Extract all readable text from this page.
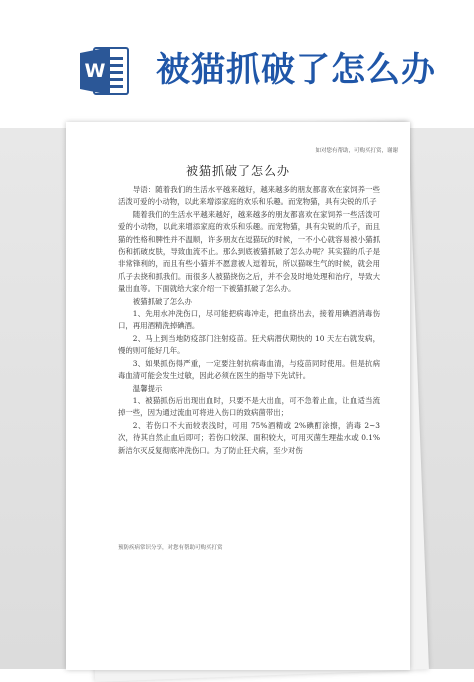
W 被猫抓破了怎么办
如对您有帮助，可购买打赏，谢谢
被猫抓破了怎么办

导语：随着我们的生活水平越来越好，越来越多的朋友都喜欢在家饲养一些活泼可爱的小动物，以此来增添家庭的欢乐和乐趣。而宠物猫，具有尖锐的爪子

随着我们的生活水平越来越好，越来越多的朋友都喜欢在家饲养一些活泼可爱的小动物，以此来增添家庭的欢乐和乐趣。而宠物猫，具有尖锐的爪子，而且猫的性格和脾性并不温顺，许多朋友在逗猫玩的时候，一不小心就容易被小猫抓伤和抓破皮肤，导致血流不止。那么到底被猫抓破了怎么办呢？其实猫的爪子是非常锋利的，而且有些小猫并不愿意被人逗着玩，所以猫咪生气的时候，就会用爪子去挠和抓我们。而很多人被猫挠伤之后，并不会及时地处理和治疗，导致大量出血等。下面就给大家介绍一下被猫抓破了怎么办。

被猫抓破了怎么办

1、先用水冲洗伤口，尽可能把病毒冲走，把血挤出去，接着用碘酒消毒伤口，再用酒精洗掉碘酒。

2、马上到当地防疫部门注射疫苗。狂犬病潜伏期快的 10 天左右就发病，慢的则可能好几年。

3、如果抓伤得严重，一定要注射抗病毒血清，与疫苗同时使用。但是抗病毒血清可能会发生过敏，因此必须在医生的指导下先试针。

温馨提示

1、被猫抓伤后出现出血时，只要不是大出血，可不急着止血，让血适当流掉一些，因为通过流血可将进入伤口的致病菌带出；

2、若伤口不大而较表浅时，可用 75%酒精或 2%碘酊涂擦，消毒 2~3 次，待其自然止血后即可；若伤口较深、面积较大，可用灭菌生理盐水或 0.1%新洁尔灭反复彻底冲洗伤口。为了防止狂犬病，至少对伤

预防疾病常识分享，对您有帮助可购买打赏
